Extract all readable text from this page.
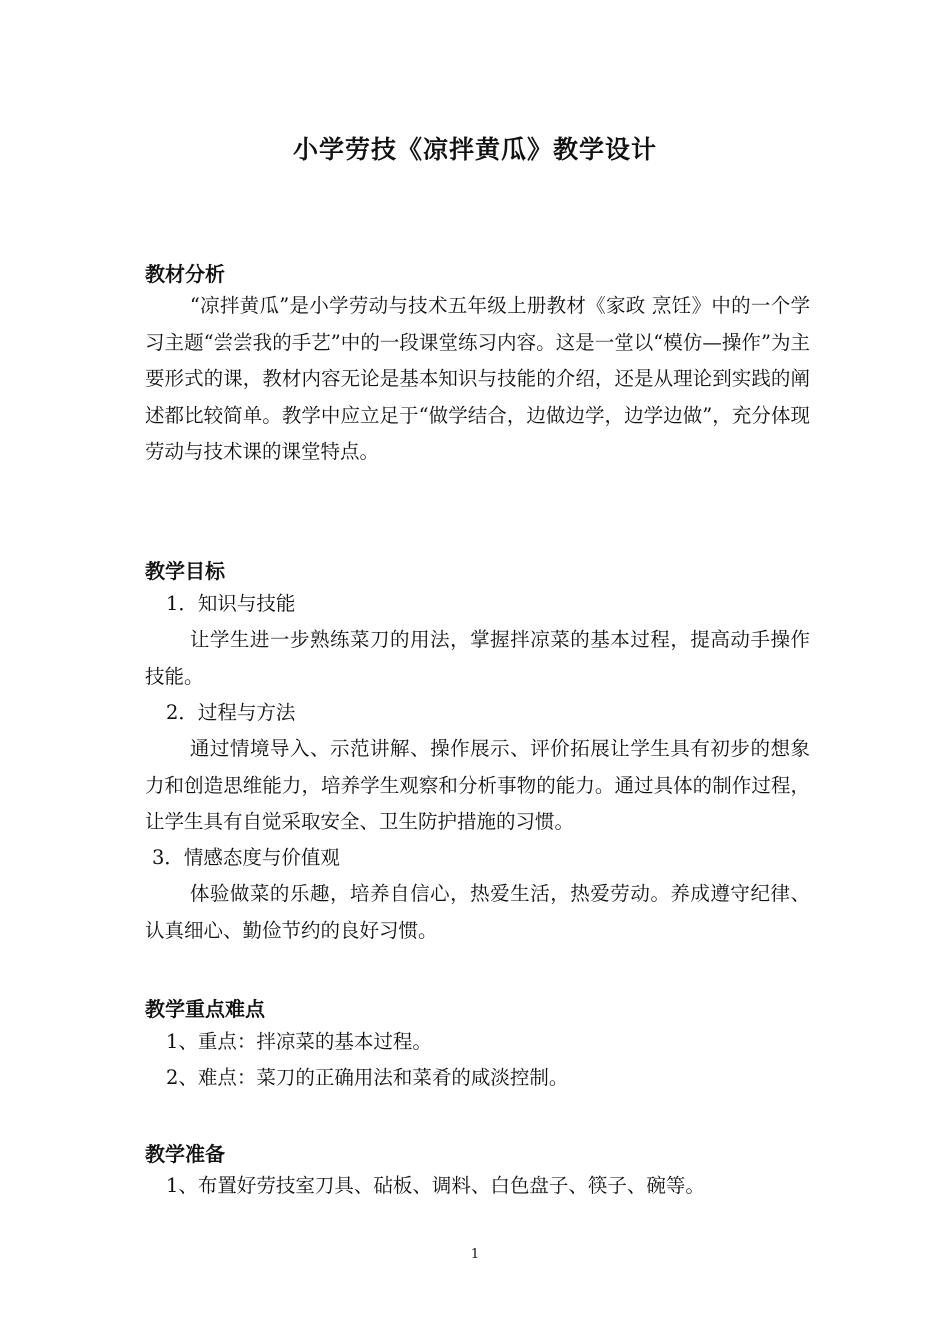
小学劳技《凉拌黄瓜》教学设计
教材分析

“凉拌黄瓜”是小学劳动与技术五年级上册教材《家政 烹饪》中的一个学习主题“尝尝我的手艺”中的一段课堂练习内容。这是一堂以“模仿—操作”为主要形式的课，教材内容无论是基本知识与技能的介绍，还是从理论到实践的阐述都比较简单。教学中应立足于“做学结合，边做边学，边学边做”，充分体现劳动与技术课的课堂特点。

教学目标
1．知识与技能

让学生进一步熟练菜刀的用法，掌握拌凉菜的基本过程，提高动手操作技能。

2．过程与方法

通过情境导入、示范讲解、操作展示、评价拓展让学生具有初步的想象力和创造思维能力，培养学生观察和分析事物的能力。通过具体的制作过程，让学生具有自觉采取安全、卫生防护措施的习惯。

3．情感态度与价值观

体验做菜的乐趣，培养自信心，热爱生活，热爱劳动。养成遵守纪律、认真细心、勤俭节约的良好习惯。

教学重点难点
1、重点：拌凉菜的基本过程。
2、难点：菜刀的正确用法和菜肴的咸淡控制。
教学准备
1、布置好劳技室刀具、砧板、调料、白色盘子、筷子、碗等。
1
